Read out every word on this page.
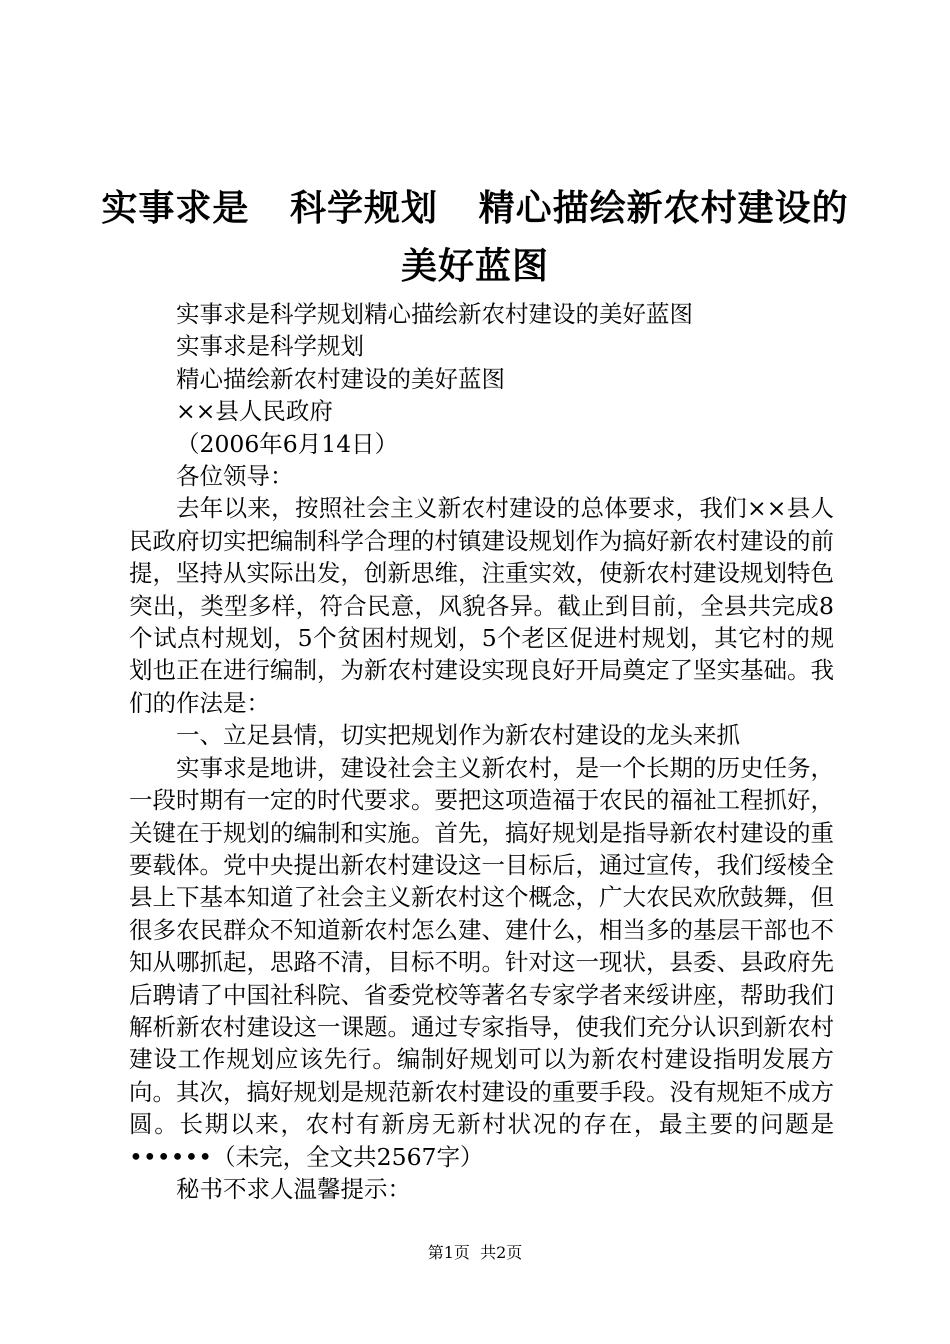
实事求是   科学规划   精心描绘新农村建设的
美好蓝图

实事求是科学规划精心描绘新农村建设的美好蓝图

实事求是科学规划

精心描绘新农村建设的美好蓝图

××县人民政府

（2006年6月14日）

各位领导：

去年以来，按照社会主义新农村建设的总体要求，我们××县人民政府切实把编制科学合理的村镇建设规划作为搞好新农村建设的前提，坚持从实际出发，创新思维，注重实效，使新农村建设规划特色突出，类型多样，符合民意，风貌各异。截止到目前，全县共完成8个试点村规划，5个贫困村规划，5个老区促进村规划，其它村的规划也正在进行编制，为新农村建设实现良好开局奠定了坚实基础。我们的作法是：

一、立足县情，切实把规划作为新农村建设的龙头来抓

实事求是地讲，建设社会主义新农村，是一个长期的历史任务，一段时期有一定的时代要求。要把这项造福于农民的福祉工程抓好，关键在于规划的编制和实施。首先，搞好规划是指导新农村建设的重要载体。党中央提出新农村建设这一目标后，通过宣传，我们绥棱全县上下基本知道了社会主义新农村这个概念，广大农民欢欣鼓舞，但很多农民群众不知道新农村怎么建、建什么，相当多的基层干部也不知从哪抓起，思路不清，目标不明。针对这一现状，县委、县政府先后聘请了中国社科院、省委党校等著名专家学者来绥讲座，帮助我们解析新农村建设这一课题。通过专家指导，使我们充分认识到新农村建设工作规划应该先行。编制好规划可以为新农村建设指明发展方向。其次，搞好规划是规范新农村建设的重要手段。没有规矩不成方圆。长期以来，农村有新房无新村状况的存在，最主要的问题是••••••（未完，全文共2567字）

秘书不求人温馨提示：

第1页  共2页
